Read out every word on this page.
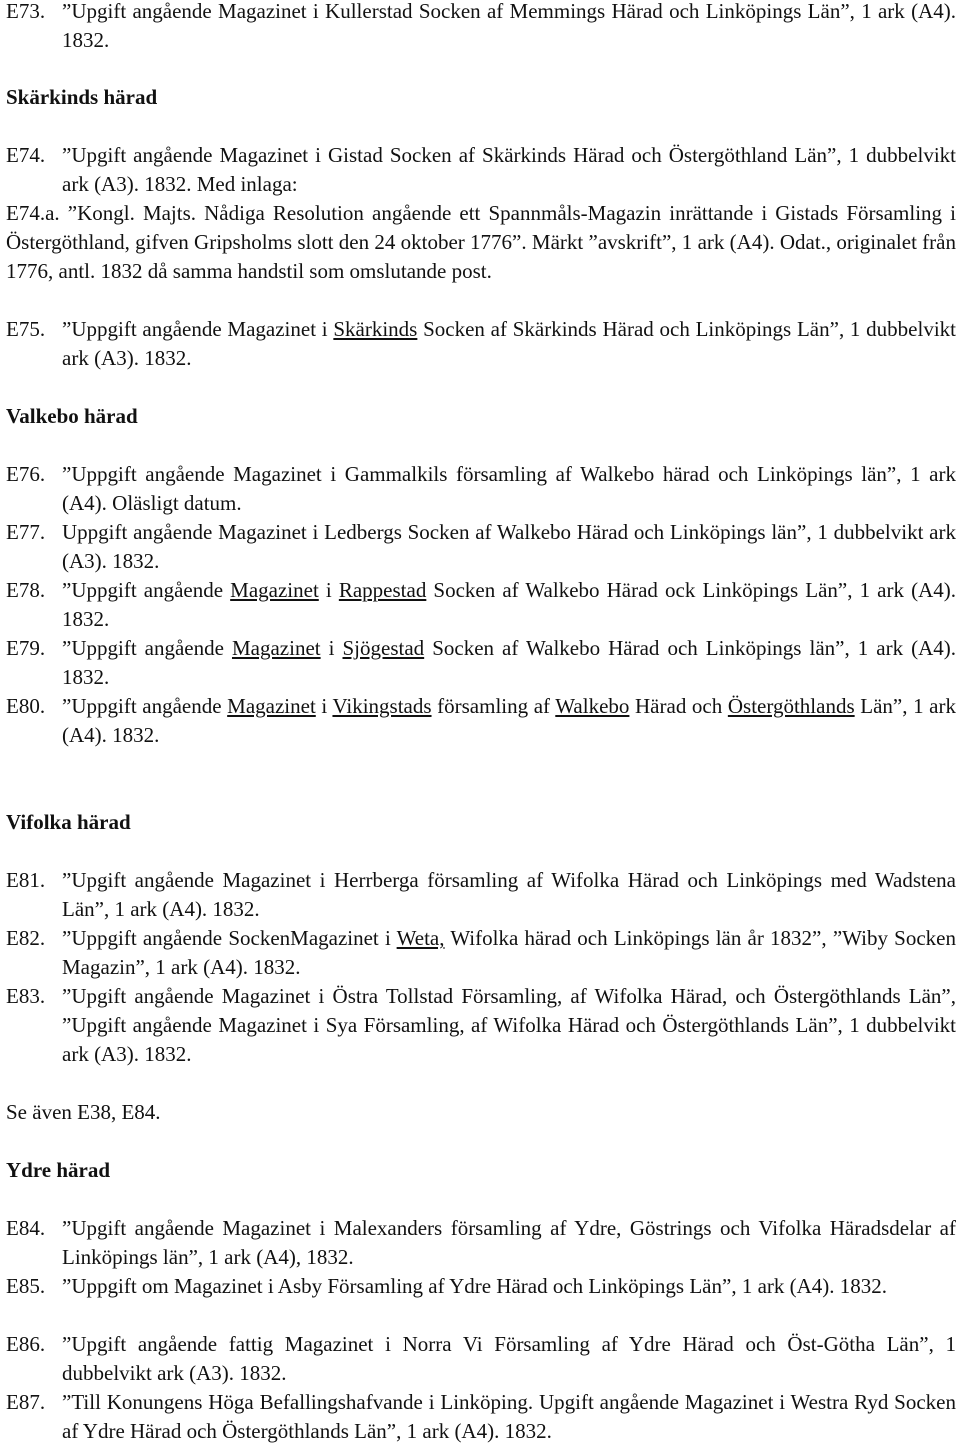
E73. ”Upgift angående Magazinet i Kullerstad Socken af Memmings Härad och Linköpings Län”, 1 ark (A4). 1832.
Skärkinds härad
E74. ”Upgift angående Magazinet i Gistad Socken af Skärkinds Härad och Östergöthland Län”, 1 dubbelvikt ark (A3). 1832. Med inlaga:
E74.a. ”Kongl. Majts. Nådiga Resolution angående ett Spannmåls-Magazin inrättande i Gistads Församling i Östergöthland, gifven Gripsholms slott den 24 oktober 1776”. Märkt ”avskrift”, 1 ark (A4). Odat., originalet från 1776, antl. 1832 då samma handstil som omslutande post.
E75. ”Uppgift angående Magazinet i Skärkinds Socken af Skärkinds Härad och Linköpings Län”, 1 dubbelvikt ark (A3). 1832.
Valkebo härad
E76. ”Uppgift angående Magazinet i Gammalkils församling af Walkebo härad och Linköpings län”, 1 ark (A4). Oläsligt datum.
E77. Uppgift angående Magazinet i Ledbergs Socken af Walkebo Härad och Linköpings län”, 1 dubbelvikt ark (A3). 1832.
E78. ”Uppgift angående Magazinet i Rappestad Socken af Walkebo Härad ock Linköpings Län”, 1 ark (A4). 1832.
E79. ”Uppgift angående Magazinet i Sjögestad Socken af Walkebo Härad och Linköpings län”, 1 ark (A4). 1832.
E80. ”Uppgift angående Magazinet i Vikingstads församling af Walkebo Härad och Östergöthlands Län”, 1 ark (A4). 1832.
Vifolka härad
E81. ”Upgift angående Magazinet i Herrberga församling af Wifolka Härad och Linköpings med Wadstena Län”, 1 ark (A4). 1832.
E82. ”Uppgift angående SockenMagazinet i Weta, Wifolka härad och Linköpings län år 1832”, ”Wiby Socken Magazin”, 1 ark (A4). 1832.
E83. ”Upgift angående Magazinet i Östra Tollstad Församling, af Wifolka Härad, och Östergöthlands Län”, ”Upgift angående Magazinet i Sya Församling, af Wifolka Härad och Östergöthlands Län”, 1 dubbelvikt ark (A3). 1832.
Se även E38, E84.
Ydre härad
E84. ”Upgift angående Magazinet i Malexanders församling af Ydre, Göstrings och Vifolka Häradsdelar af Linköpings län”, 1 ark (A4), 1832.
E85. ”Uppgift om Magazinet i Asby Församling af Ydre Härad och Linköpings Län”, 1 ark (A4). 1832.
E86. ”Upgift angående fattig Magazinet i Norra Vi Församling af Ydre Härad och Öst-Götha Län”, 1 dubbelvikt ark (A3). 1832.
E87. ”Till Konungens Höga Befallingshafvande i Linköping. Upgift angående Magazinet i Westra Ryd Socken af Ydre Härad och Östergöthlands Län”, 1 ark (A4). 1832.
